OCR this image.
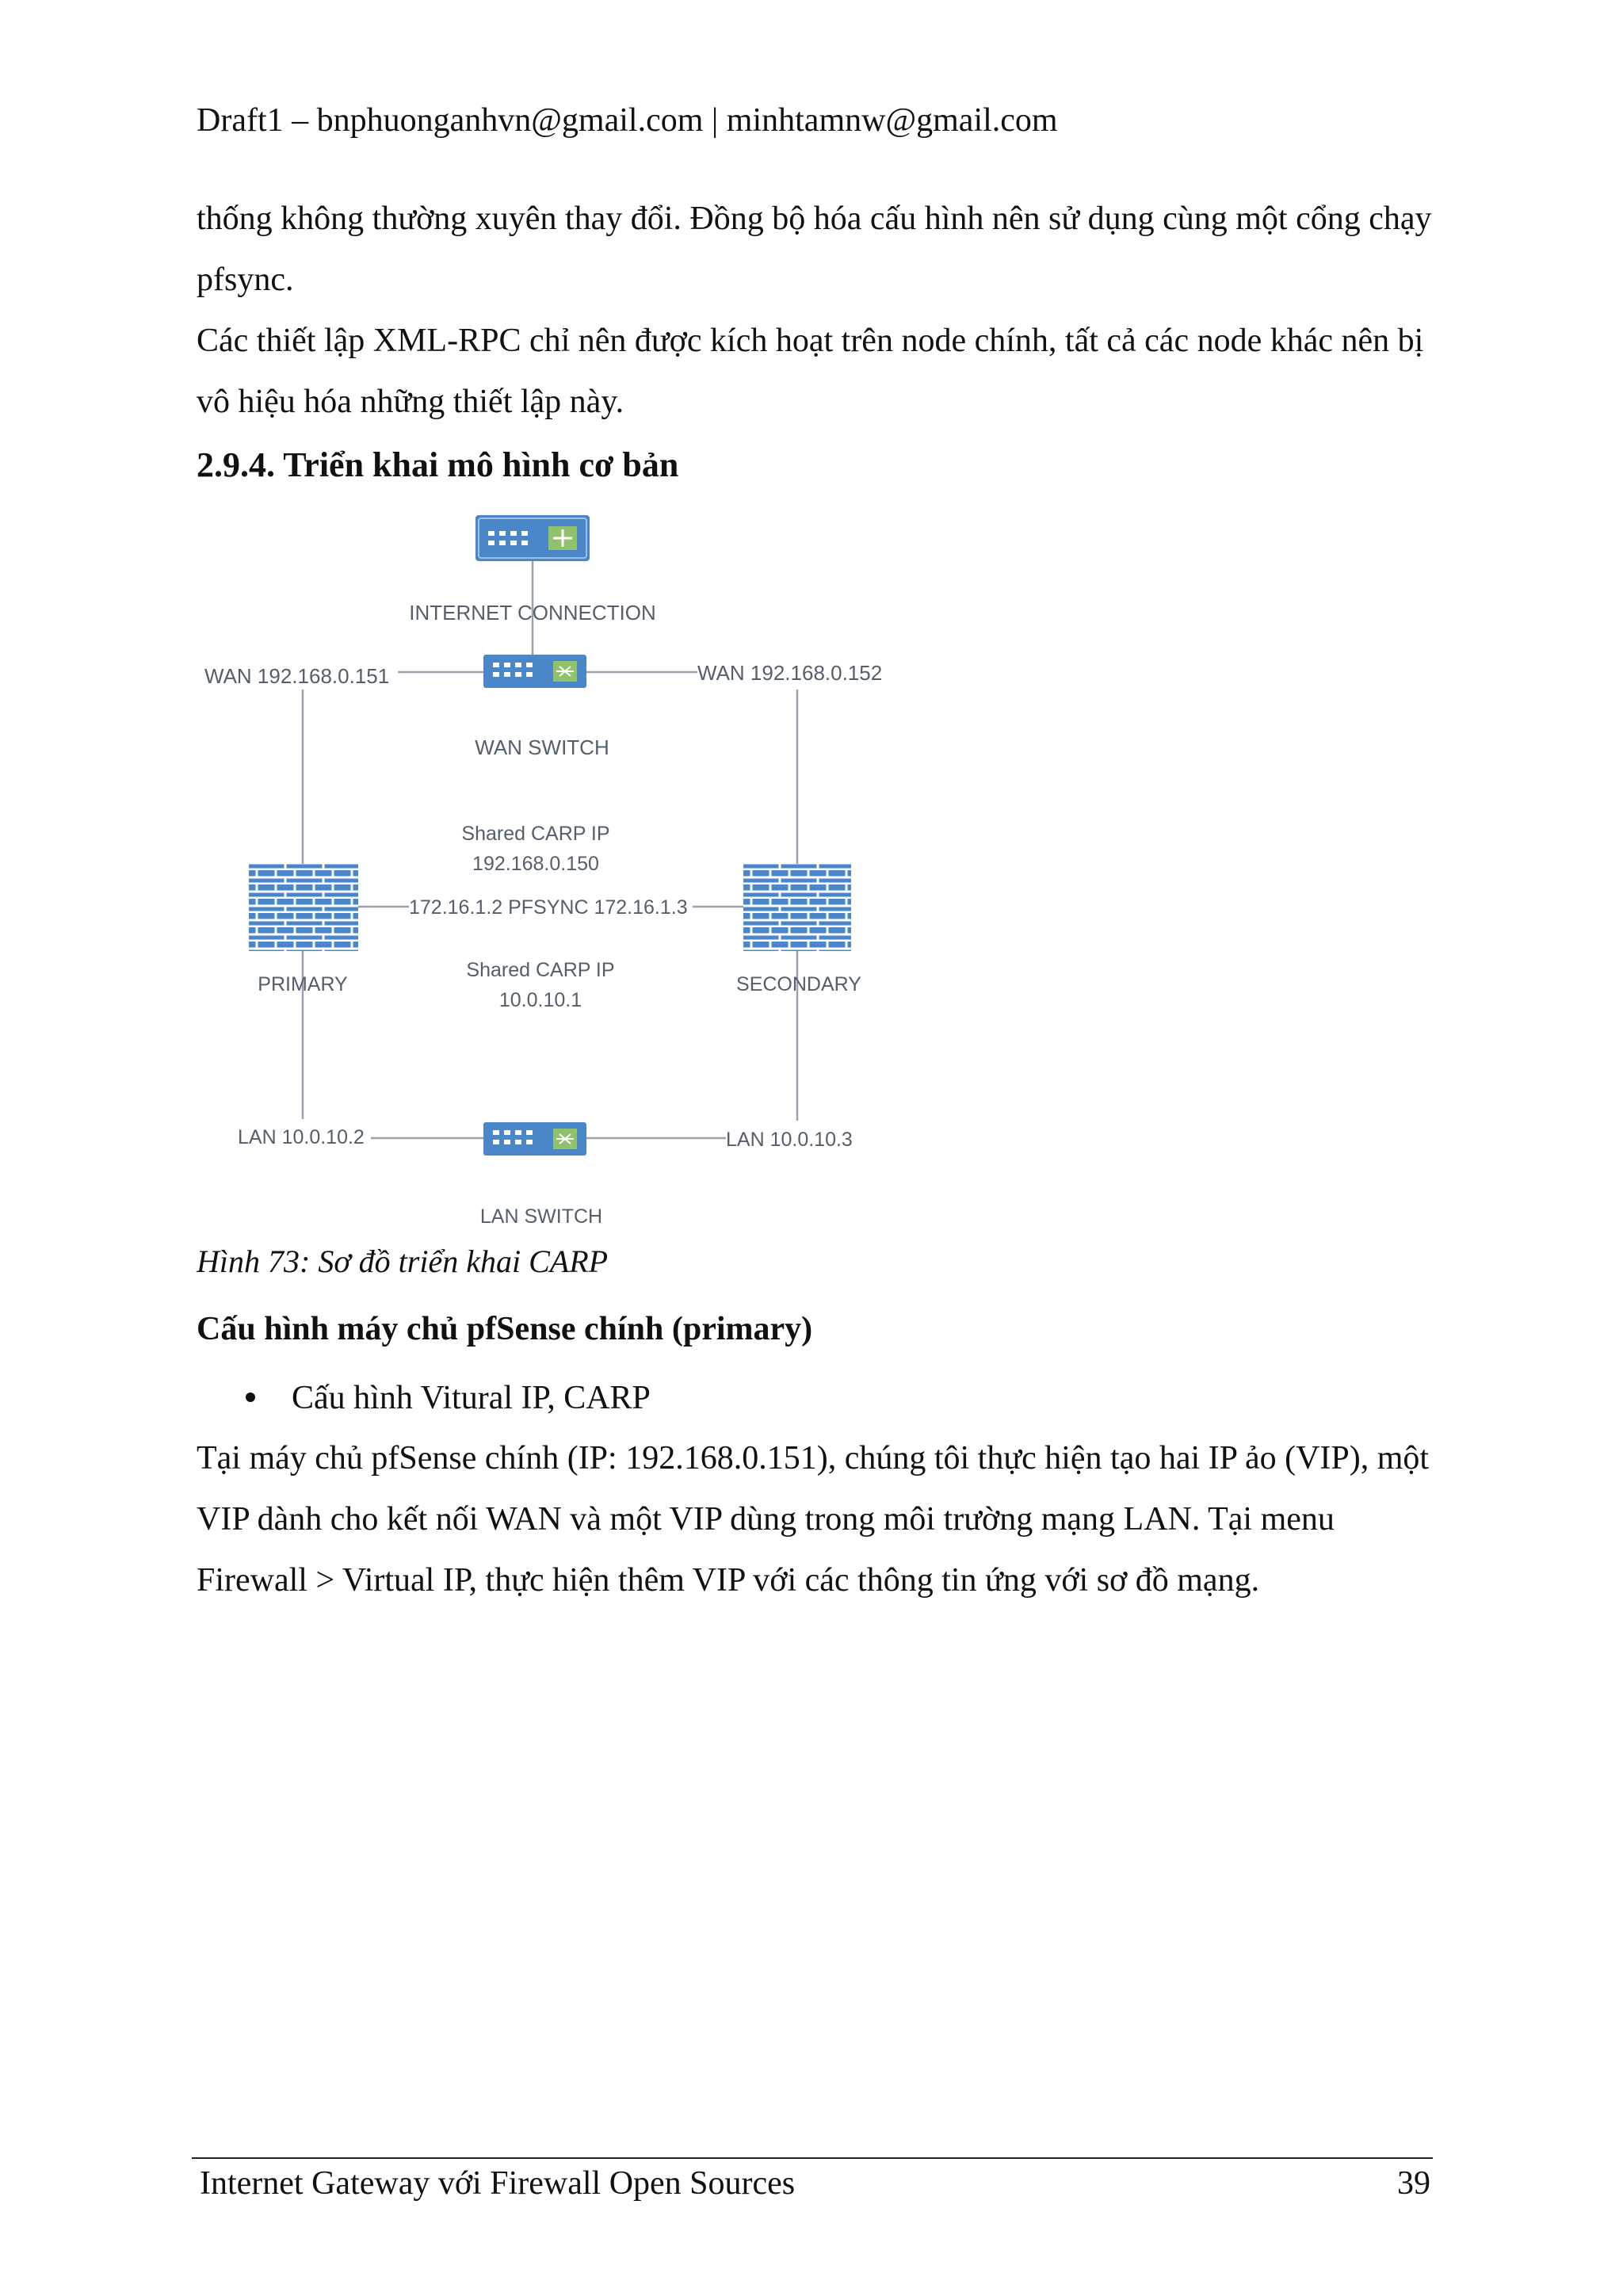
Draft1 – bnphuonganhvn@gmail.com | minhtamnw@gmail.com
thống không thường xuyên thay đổi. Đồng bộ hóa cấu hình nên sử dụng cùng một cổng chạy pfsync.
Các thiết lập XML-RPC chỉ nên được kích hoạt trên node chính, tất cả các node khác nên bị vô hiệu hóa những thiết lập này.
2.9.4. Triển khai mô hình cơ bản
INTERNET CONNECTION
WAN 192.168.0.151	WAN 192.168.0.152
WAN SWITCH
Shared CARP IP
192.168.0.150
172.16.1.2 PFSYNC 172.16.1.3
PRIMARY	SECONDARY
Shared CARP IP
10.0.10.1
LAN 10.0.10.2	LAN 10.0.10.3
LAN SWITCH
Hình 73: Sơ đồ triển khai CARP
Cấu hình máy chủ pfSense chính (primary)
Cấu hình Vitural IP, CARP
Tại máy chủ pfSense chính (IP: 192.168.0.151), chúng tôi thực hiện tạo hai IP ảo (VIP), một VIP dành cho kết nối WAN và một VIP dùng trong môi trường mạng LAN. Tại menu Firewall > Virtual IP, thực hiện thêm VIP với các thông tin ứng với sơ đồ mạng.
Internet Gateway với Firewall Open Sources	39
